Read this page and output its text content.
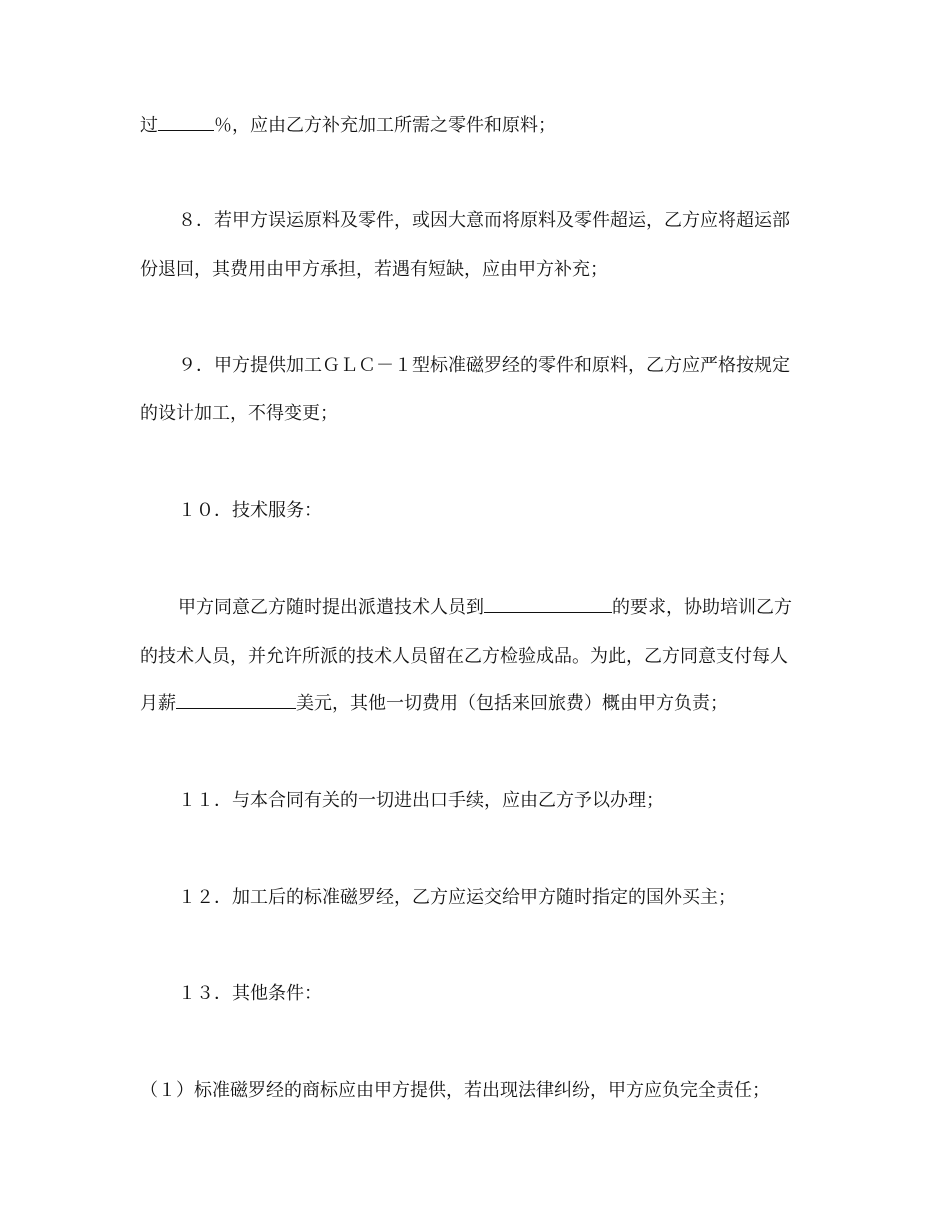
过	％，应由乙方补充加工所需之零件和原料；
８．若甲方误运原料及零件，或因大意而将原料及零件超运，乙方应将超运部
份退回，其费用由甲方承担，若遇有短缺，应由甲方补充；
９．甲方提供加工ＧＬＣ－１型标准磁罗经的零件和原料，乙方应严格按规定
的设计加工，不得变更；
１０．技术服务：
甲方同意乙方随时提出派遣技术人员到	的要求，协助培训乙方
的技术人员，并允许所派的技术人员留在乙方检验成品。为此，乙方同意支付每人
月薪	美元，其他一切费用（包括来回旅费）概由甲方负责；
１１．与本合同有关的一切进出口手续，应由乙方予以办理；
１２．加工后的标准磁罗经，乙方应运交给甲方随时指定的国外买主；
１３．其他条件：
（１）标准磁罗经的商标应由甲方提供，若出现法律纠纷，甲方应负完全责任；
